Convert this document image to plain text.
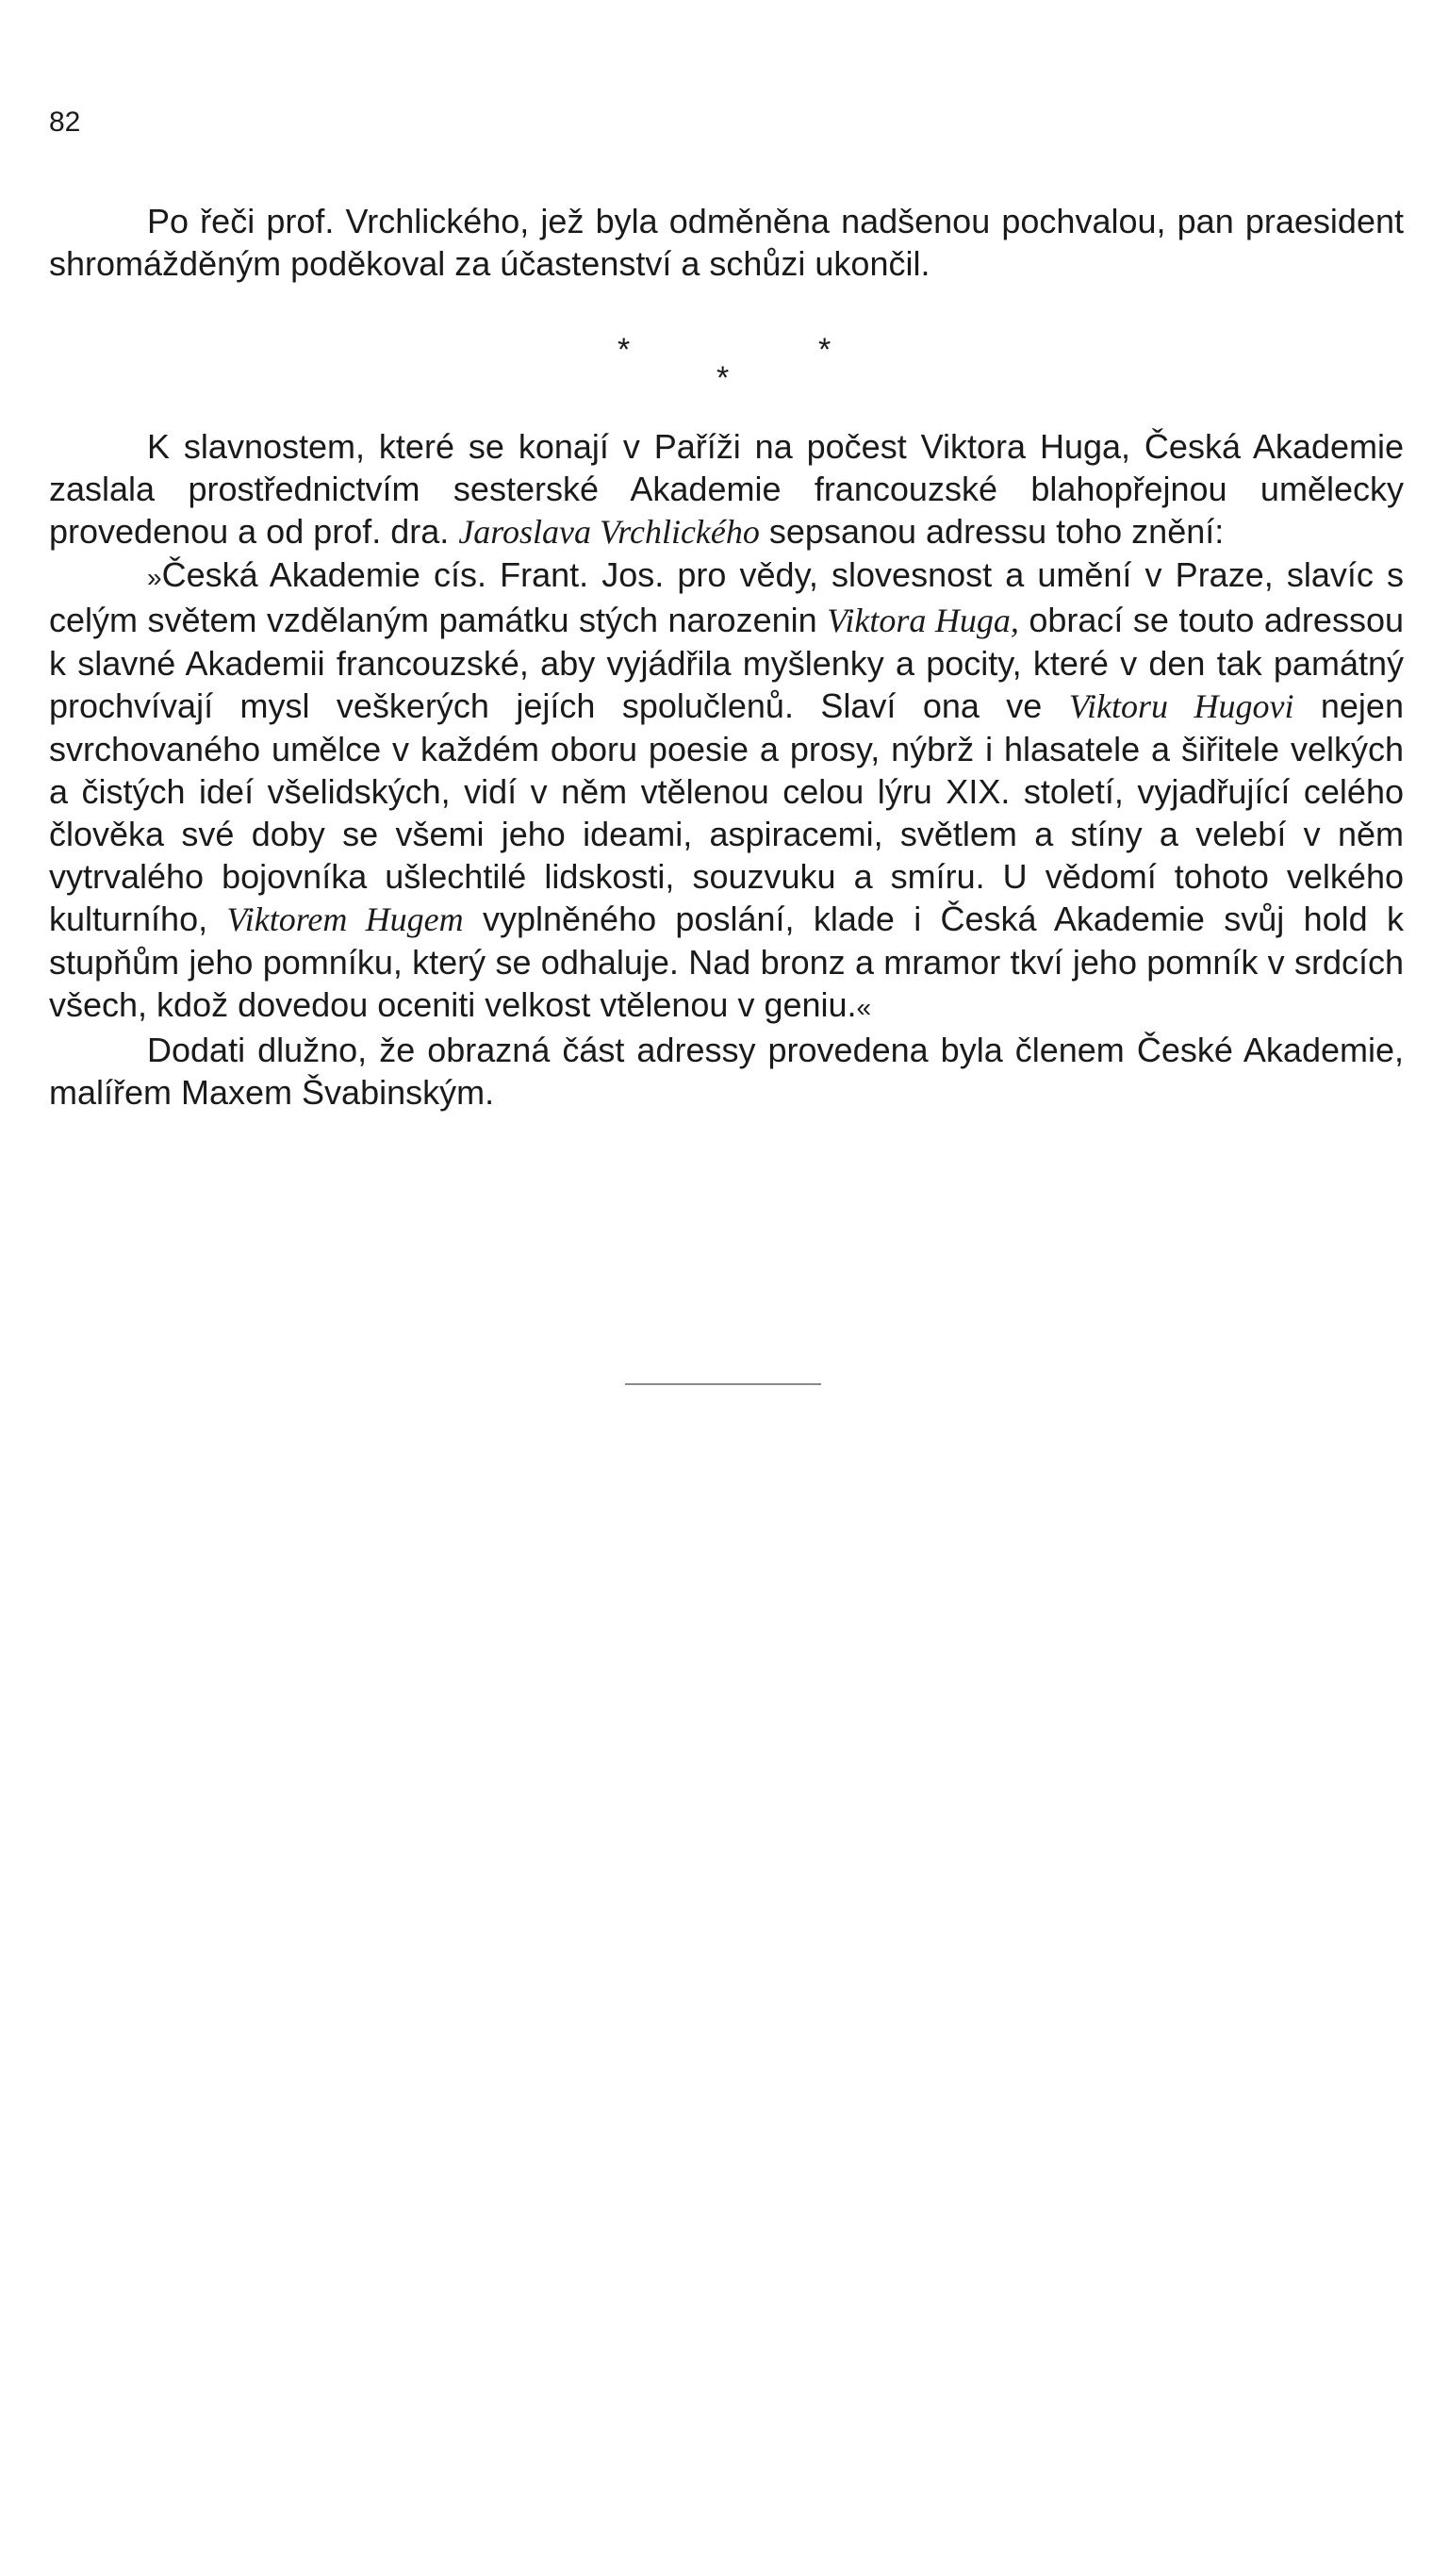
82

Po řeči prof. Vrchlického, jež byla odměněna nadšenou pochvalou, pan praesident shromážděným poděkoval za účastenství a schůzi ukončil.

*	*
*

K slavnostem, které se konají v Paříži na počest Viktora Huga, Česká Akademie zaslala prostřednictvím sesterské Akademie francouzské blahopřejnou umělecky provedenou a od prof. dra. Jaroslava Vrchlického sepsanou adressu toho znění:

»Česká Akademie cís. Frant. Jos. pro vědy, slovesnost a umění v Praze, slavíc s celým světem vzdělaným památku stých narozenin Viktora Huga, obrací se touto adressou k slavné Akademii francouzské, aby vyjádřila myšlenky a pocity, které v den tak památný prochvívají mysl veškerých jejích spolučlenů. Slaví ona ve Viktoru Hugovi nejen svrchovaného umělce v každém oboru poesie a prosy, nýbrž i hlasatele a šiřitele velkých a čistých ideí všelidských, vidí v něm vtělenou celou lýru XIX. století, vyjadřující celého člověka své doby se všemi jeho ideami, aspiracemi, světlem a stíny a velebí v něm vytrvalého bojovníka ušlechtilé lidskosti, souzvuku a smíru. U vědomí tohoto velkého kulturního, Viktorem Hugem vyplněného poslání, klade i Česká Akademie svůj hold k stupňům jeho pomníku, který se odhaluje. Nad bronz a mramor tkví jeho pomník v srdcích všech, kdož dovedou oceniti velkost vtělenou v geniu.«

Dodati dlužno, že obrazná část adressy provedena byla členem České Akademie, malířem Maxem Švabinským.
